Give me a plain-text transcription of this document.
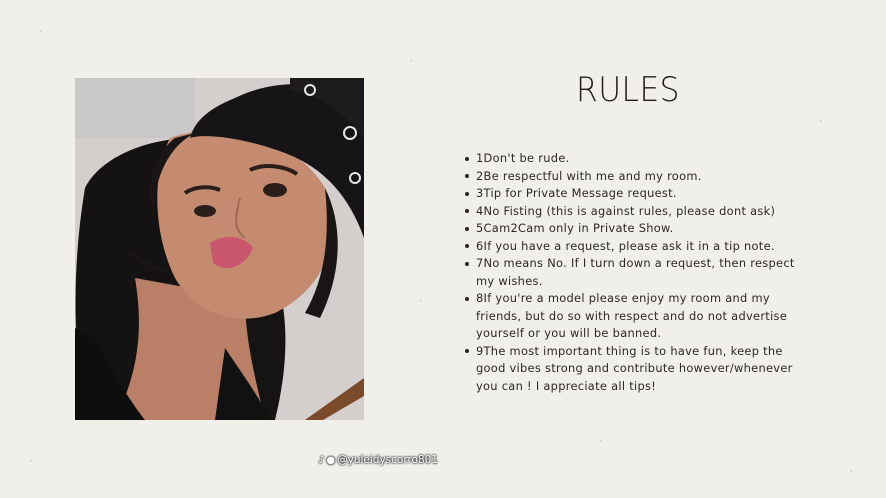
♪ ● @yuleidyscorro801
RULES
1Don't be rude.
2Be respectful with me and my room.
3Tip for Private Message request.
4No Fisting (this is against rules, please dont ask)
5Cam2Cam only in Private Show.
6If you have a request, please ask it in a tip note.
7No means No. If I turn down a request, then respect my wishes.
8If you're a model please enjoy my room and my friends, but do so with respect and do not advertise yourself or you will be banned.
9The most important thing is to have fun, keep the good vibes strong and contribute however/whenever you can ! I appreciate all tips!
